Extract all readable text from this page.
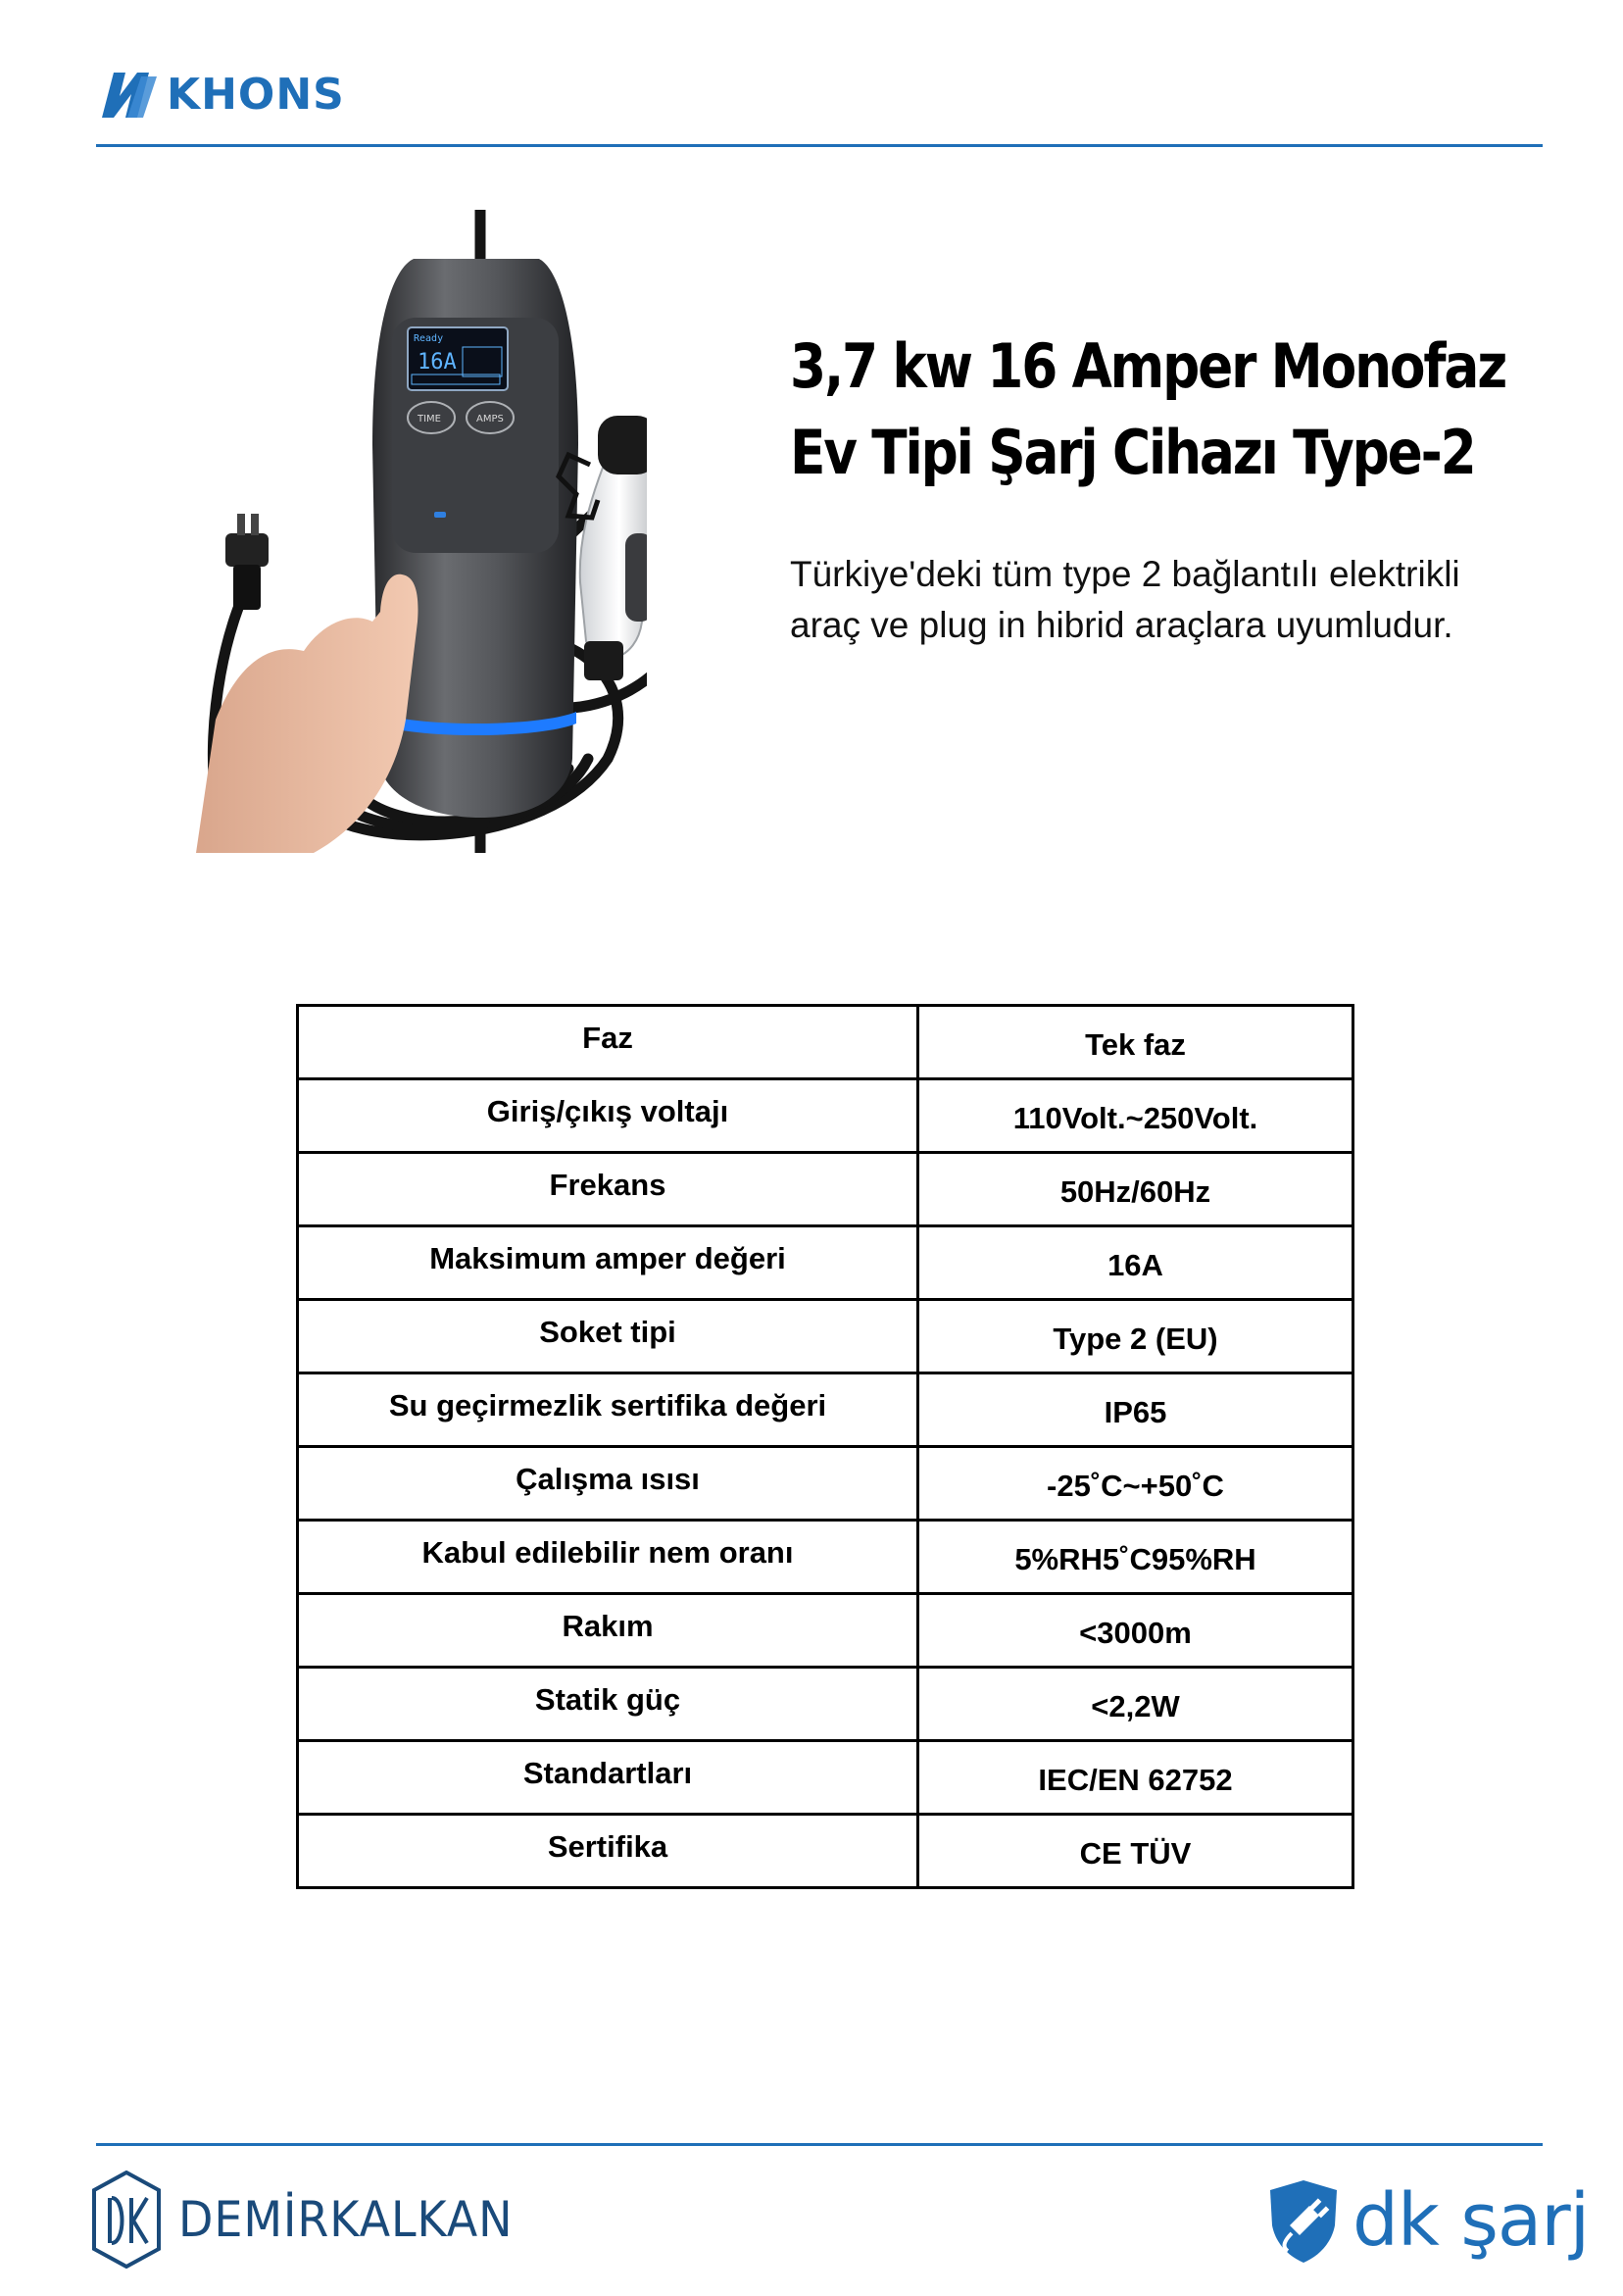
KHONS
Ready
16A
TIME	AMPS
3,7 kw 16 Amper Monofaz
Ev Tipi Şarj Cihazı Type-2
Türkiye'deki tüm type 2 bağlantılı elektrikli araç ve plug in hibrid araçlara uyumludur.
Faz	Tek faz
Giriş/çıkış voltajı	110Volt.~250Volt.
Frekans	50Hz/60Hz
Maksimum amper değeri	16A
Soket tipi	Type 2 (EU)
Su geçirmezlik sertifika değeri	IP65
Çalışma ısısı	-25˚C~+50˚C
Kabul edilebilir nem oranı	5%RH5˚C95%RH
Rakım	<3000m
Statik güç	<2,2W
Standartları	IEC/EN 62752
Sertifika	CE TÜV
DEMİRKALKAN	dk şarj
